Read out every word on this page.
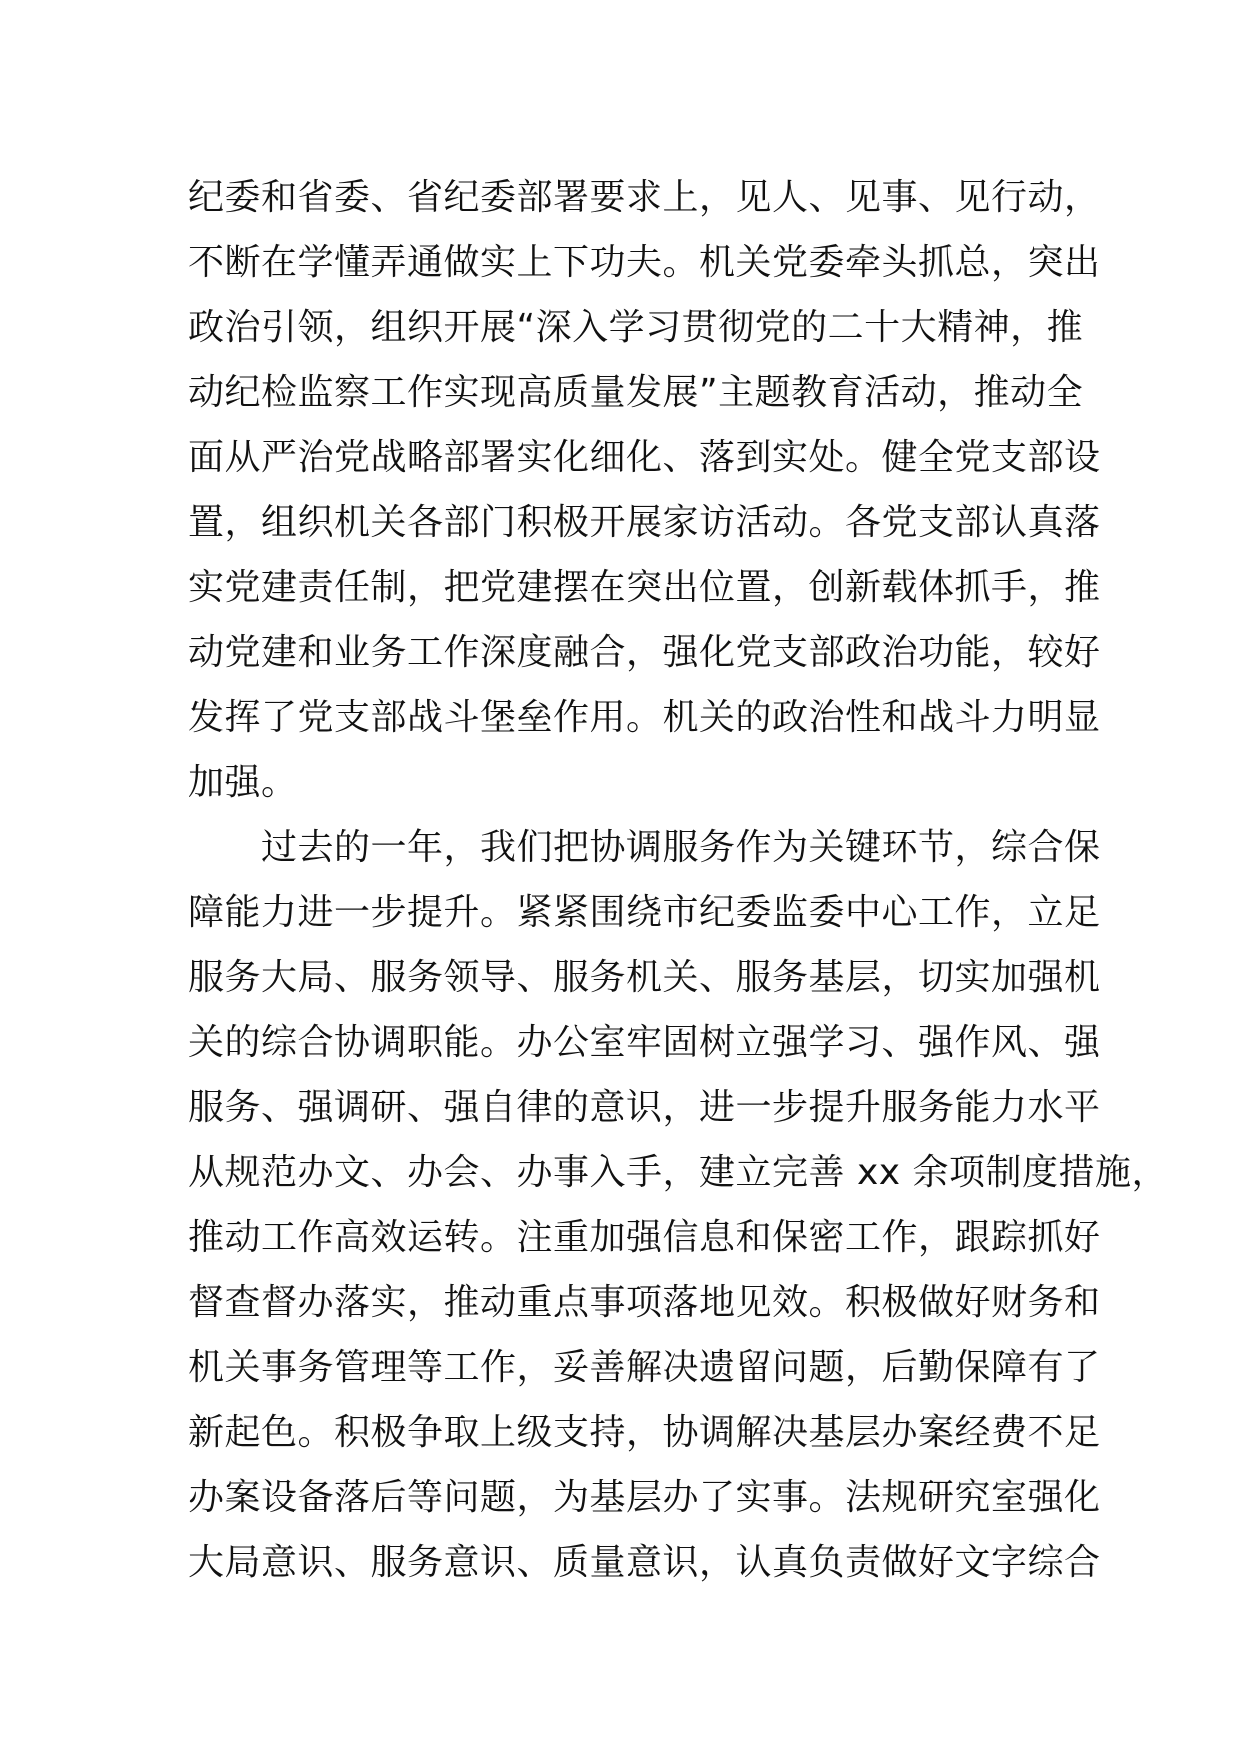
纪委和省委、省纪委部署要求上，见人、见事、见行动，
不断在学懂弄通做实上下功夫。机关党委牵头抓总，突出
政治引领，组织开展“深入学习贯彻党的二十大精神，推
动纪检监察工作实现高质量发展”主题教育活动，推动全
面从严治党战略部署实化细化、落到实处。健全党支部设
置，组织机关各部门积极开展家访活动。各党支部认真落
实党建责任制，把党建摆在突出位置，创新载体抓手，推
动党建和业务工作深度融合，强化党支部政治功能，较好
发挥了党支部战斗堡垒作用。机关的政治性和战斗力明显
加强。
　　过去的一年，我们把协调服务作为关键环节，综合保
障能力进一步提升。紧紧围绕市纪委监委中心工作，立足
服务大局、服务领导、服务机关、服务基层，切实加强机
关的综合协调职能。办公室牢固树立强学习、强作风、强
服务、强调研、强自律的意识，进一步提升服务能力水平
从规范办文、办会、办事入手，建立完善 xx 余项制度措施，
推动工作高效运转。注重加强信息和保密工作，跟踪抓好
督查督办落实，推动重点事项落地见效。积极做好财务和
机关事务管理等工作，妥善解决遗留问题，后勤保障有了
新起色。积极争取上级支持，协调解决基层办案经费不足
办案设备落后等问题，为基层办了实事。法规研究室强化
大局意识、服务意识、质量意识，认真负责做好文字综合
